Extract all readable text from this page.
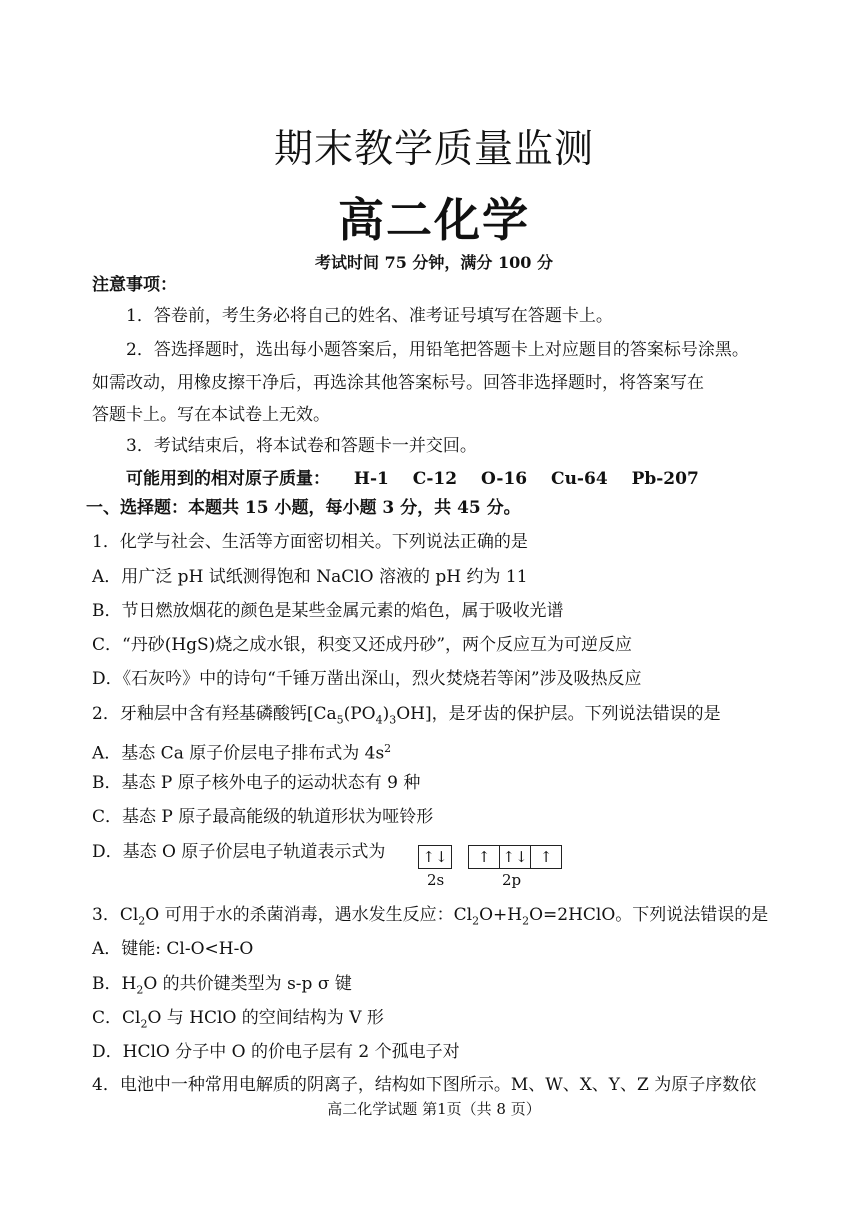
期末教学质量监测
高二化学
考试时间 75 分钟，满分 100 分
注意事项：
1．答卷前，考生务必将自己的姓名、准考证号填写在答题卡上。
2．答选择题时，选出每小题答案后，用铅笔把答题卡上对应题目的答案标号涂黑。
如需改动，用橡皮擦干净后，再选涂其他答案标号。回答非选择题时，将答案写在
答题卡上。写在本试卷上无效。
3．考试结束后，将本试卷和答题卡一并交回。
可能用到的相对原子质量： H-1 C-12 O-16 Cu-64 Pb-207
一、选择题：本题共 15 小题，每小题 3 分，共 45 分。
1．化学与社会、生活等方面密切相关。下列说法正确的是
A．用广泛 pH 试纸测得饱和 NaClO 溶液的 pH 约为 11
B．节日燃放烟花的颜色是某些金属元素的焰色，属于吸收光谱
C．“丹砂(HgS)烧之成水银，积变又还成丹砂”，两个反应互为可逆反应
D．《石灰吟》中的诗句“千锤万凿出深山，烈火焚烧若等闲”涉及吸热反应
2．牙釉层中含有羟基磷酸钙$[Ca_5(PO_4)_3OH]$，是牙齿的保护层。下列说法错误的是
A．基态 Ca 原子价层电子排布式为 $4s^2$
B．基态 P 原子核外电子的运动状态有 9 种
C．基态 P 原子最高能级的轨道形状为哑铃形
D．基态 O 原子价层电子轨道表示式为 ↑↓	↑ ↑↓ ↑
2s	2p
3．$Cl_2O$ 可用于水的杀菌消毒，遇水发生反应：$Cl_2O+H_2O=2HClO$。下列说法错误的是
A．键能: Cl-O<H-O
B．$H_2O$ 的共价键类型为 s-p σ 键
C．$Cl_2O$ 与 HClO 的空间结构为 V 形
D．HClO 分子中 O 的价电子层有 2 个孤电子对
4．电池中一种常用电解质的阴离子，结构如下图所示。M、W、X、Y、Z 为原子序数依
高二化学试题 第1页（共 8 页）
